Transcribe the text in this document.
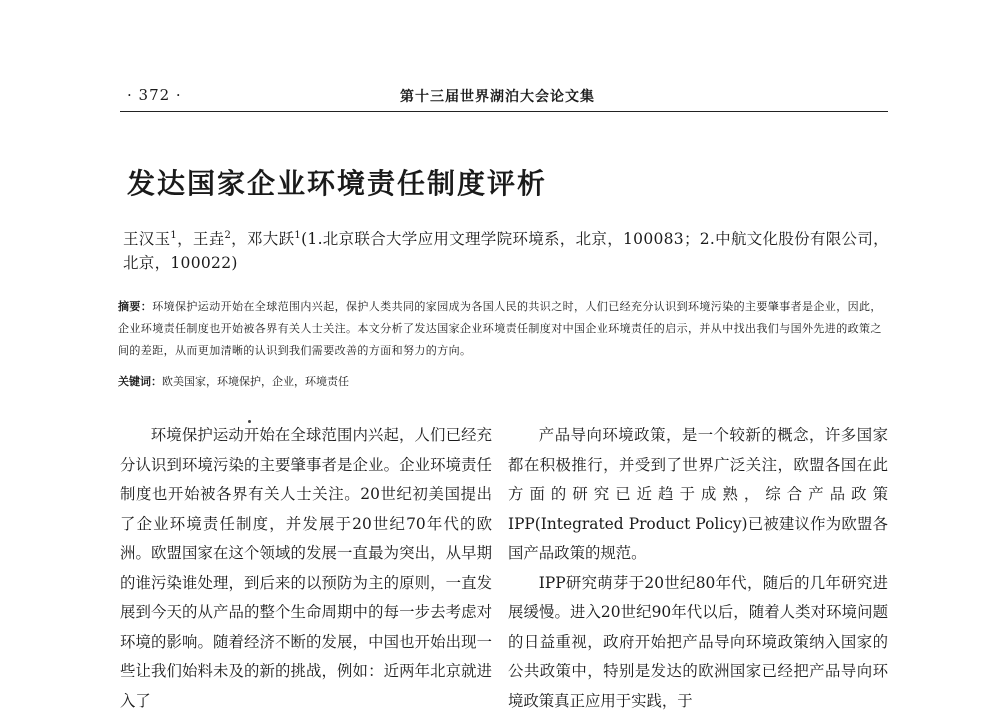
· 372 ·	第十三届世界湖泊大会论文集
发达国家企业环境责任制度评析
王汉玉$^1$，王垚$^2$，邓大跃$^1$(1.北京联合大学应用文理学院环境系，北京，100083；2.中航文化股份有限公司，北京，100022)
摘要：环境保护运动开始在全球范围内兴起，保护人类共同的家园成为各国人民的共识之时，人们已经充分认识到环境污染的主要肇事者是企业，因此，企业环境责任制度也开始被各界有关人士关注。本文分析了发达国家企业环境责任制度对中国企业环境责任的启示，并从中找出我们与国外先进的政策之间的差距，从而更加清晰的认识到我们需要改善的方面和努力的方向。
关键词：欧美国家，环境保护，企业，环境责任

环境保护运动开始在全球范围内兴起，人们已经充分认识到环境污染的主要肇事者是企业。企业环境责任制度也开始被各界有关人士关注。20世纪初美国提出了企业环境责任制度，并发展于20世纪70年代的欧洲。欧盟国家在这个领域的发展一直最为突出，从早期的谁污染谁处理，到后来的以预防为主的原则，一直发展到今天的从产品的整个生命周期中的每一步去考虑对环境的影响。随着经济不断的发展，中国也开始出现一些让我们始料未及的新的挑战，例如：近两年北京就进入了

产品导向环境政策，是一个较新的概念，许多国家都在积极推行，并受到了世界广泛关注，欧盟各国在此方面的研究已近趋于成熟，综合产品政策IPP(Integrated Product Policy)已被建议作为欧盟各国产品政策的规范。

IPP研究萌芽于20世纪80年代，随后的几年研究进展缓慢。进入20世纪90年代以后，随着人类对环境问题的日益重视，政府开始把产品导向环境政策纳入国家的公共政策中，特别是发达的欧洲国家已经把产品导向环境政策真正应用于实践，于
